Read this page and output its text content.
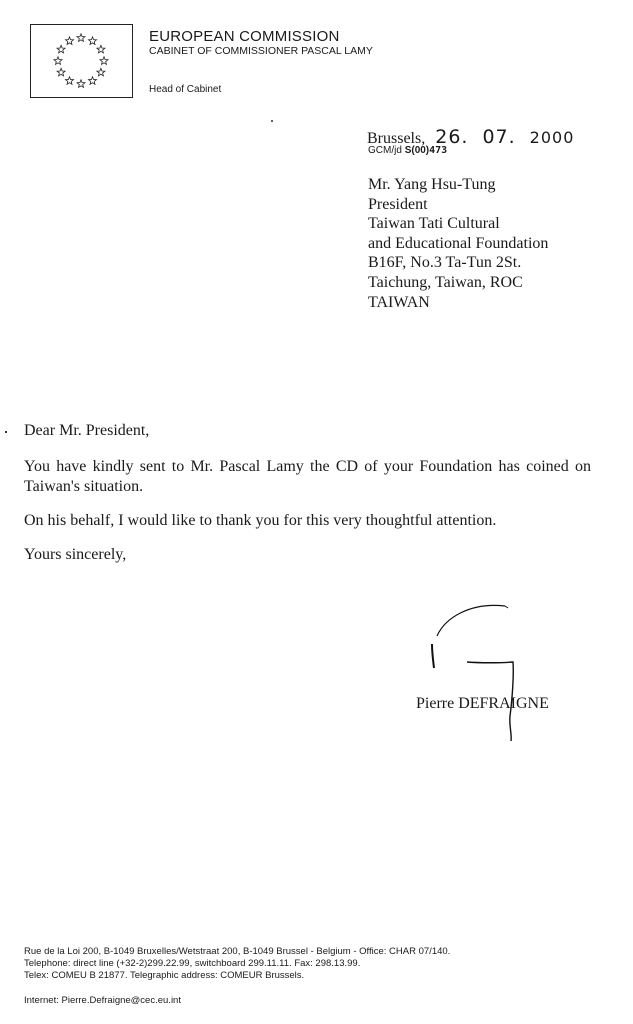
EUROPEAN COMMISSION
CABINET OF COMMISSIONER PASCAL LAMY
Head of Cabinet
Brussels, 26. 07. 2000
GCM/jd S(00)473
Mr. Yang Hsu-Tung
President
Taiwan Tati Cultural
and Educational Foundation
B16F, No.3 Ta-Tun 2St.
Taichung, Taiwan, ROC
TAIWAN
Dear Mr. President,
You have kindly sent to Mr. Pascal Lamy the CD of your Foundation has coined on Taiwan's situation.
On his behalf, I would like to thank you for this very thoughtful attention.
Yours sincerely,
Pierre DEFRAIGNE
Rue de la Loi 200, B-1049 Bruxelles/Wetstraat 200, B-1049 Brussel - Belgium - Office: CHAR 07/140.
Telephone: direct line (+32-2)299.22.99, switchboard 299.11.11. Fax: 298.13.99.
Telex: COMEU B 21877. Telegraphic address: COMEUR Brussels.
Internet: Pierre.Defraigne@cec.eu.int
